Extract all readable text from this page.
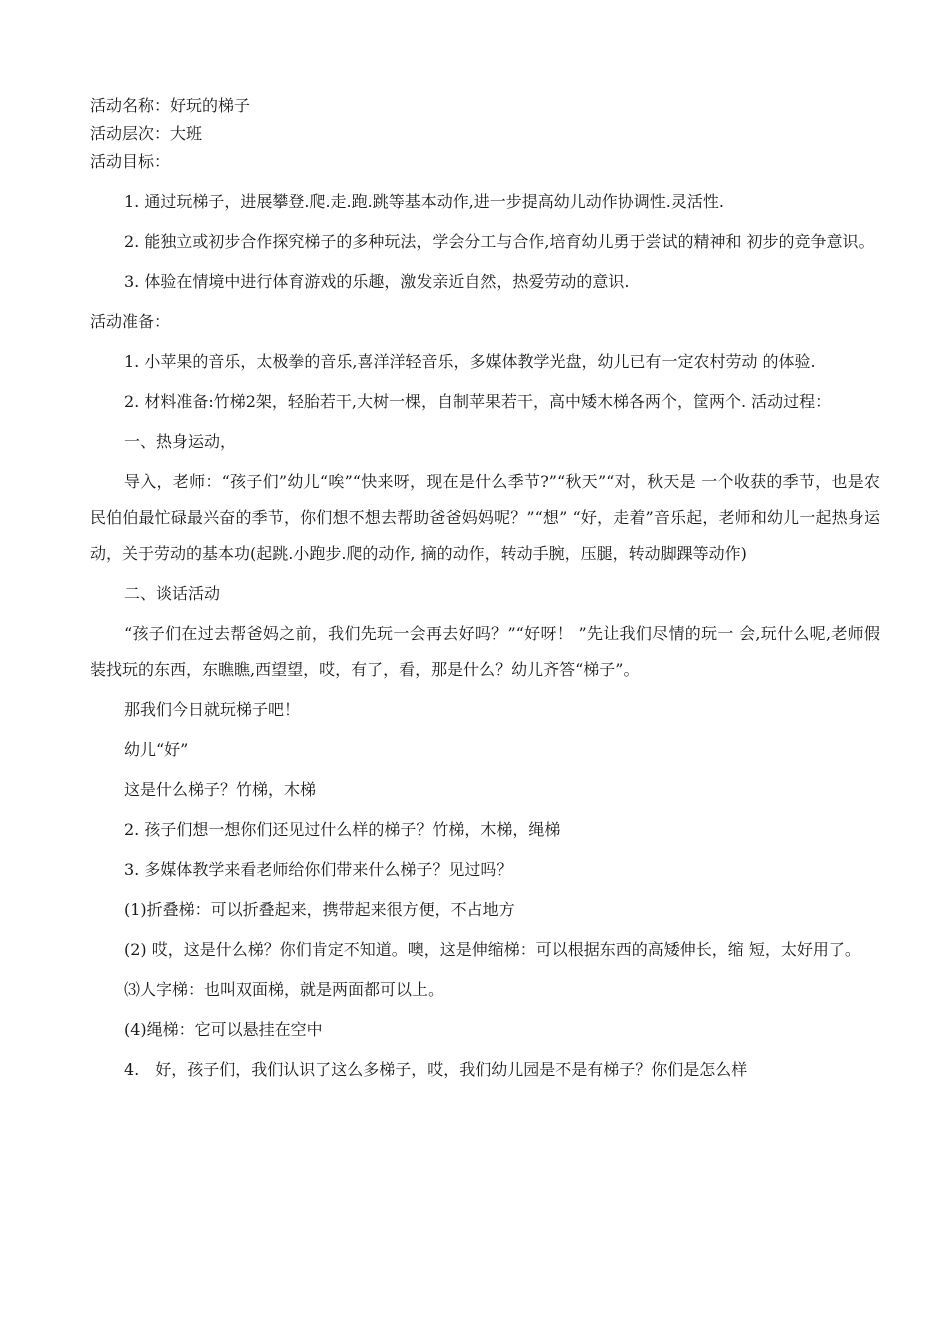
活动名称：好玩的梯子
活动层次：大班
活动目标：

1. 通过玩梯子，进展攀登.爬.走.跑.跳等基本动作,进一步提高幼儿动作协调性.灵活性.

2. 能独立或初步合作探究梯子的多种玩法，学会分工与合作,培育幼儿勇于尝试的精神和 初步的竞争意识。

3. 体验在情境中进行体育游戏的乐趣，激发亲近自然，热爱劳动的意识.

活动准备：

1. 小苹果的音乐，太极拳的音乐,喜洋洋轻音乐，多媒体教学光盘，幼儿已有一定农村劳动 的体验.

2. 材料准备:竹梯2架，轻胎若干,大树一棵，自制苹果若干，高中矮木梯各两个，筐两个. 活动过程：

一、热身运动，

导入，老师：“孩子们”幼儿“唉”“快来呀，现在是什么季节?”“秋天”“对，秋天是 一个收获的季节，也是农民伯伯最忙碌最兴奋的季节，你们想不想去帮助爸爸妈妈呢？”“想” “好，走着”音乐起，老师和幼儿一起热身运动，关于劳动的基本功(起跳.小跑步.爬的动作, 摘的动作，转动手腕，压腿，转动脚踝等动作)

二、谈话活动

“孩子们在过去帮爸妈之前，我们先玩一会再去好吗？”“好呀！ ”先让我们尽情的玩一 会,玩什么呢,老师假装找玩的东西，东瞧瞧,西望望，哎，有了，看，那是什么？幼儿齐答“梯子”。

那我们今日就玩梯子吧！

幼儿“好”

这是什么梯子？竹梯，木梯

2. 孩子们想一想你们还见过什么样的梯子？竹梯，木梯，绳梯

3. 多媒体教学来看老师给你们带来什么梯子？见过吗？

(1)折叠梯：可以折叠起来，携带起来很方便，不占地方

(2) 哎，这是什么梯？你们肯定不知道。噢，这是伸缩梯：可以根据东西的高矮伸长，缩 短，太好用了。

⑶人字梯：也叫双面梯，就是两面都可以上。

(4)绳梯：它可以悬挂在空中

4.　好，孩子们，我们认识了这么多梯子，哎，我们幼儿园是不是有梯子？你们是怎么样
